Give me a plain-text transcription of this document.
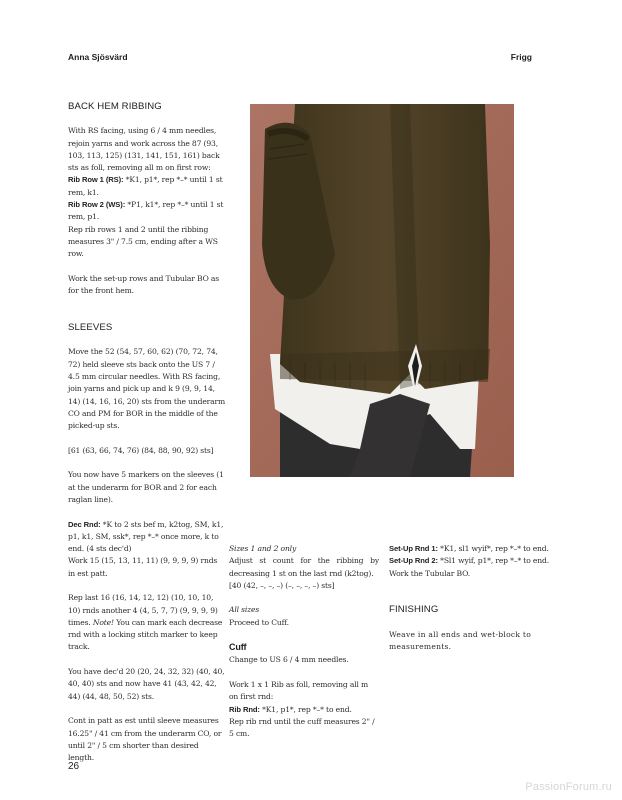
Anna Sjösvärd	Frigg

BACK HEM RIBBING

With RS facing, using 6 / 4 mm needles, rejoin yarns and work across the 87 (93, 103, 113, 125) (131, 141, 151, 161) back sts as foll, removing all m on first row:

Rib Row 1 (RS): *K1, p1*, rep *–* until 1 st rem, k1.

Rib Row 2 (WS): *P1, k1*, rep *–* until 1 st rem, p1.

Rep rib rows 1 and 2 until the ribbing measures 3" / 7.5 cm, ending after a WS row.

Work the set-up rows and Tubular BO as for the front hem.

SLEEVES

Move the 52 (54, 57, 60, 62) (70, 72, 74, 72) held sleeve sts back onto the US 7 / 4.5 mm circular needles. With RS facing, join yarns and pick up and k 9 (9, 9, 14, 14) (14, 16, 16, 20) sts from the underarm CO and PM for BOR in the middle of the picked-up sts.

[61 (63, 66, 74, 76) (84, 88, 90, 92) sts]

You now have 5 markers on the sleeves (1 at the underarm for BOR and 2 for each raglan line).

Dec Rnd: *K to 2 sts bef m, k2tog, SM, k1, p1, k1, SM, ssk*, rep *–* once more, k to end. (4 sts dec'd)

Work 15 (15, 13, 11, 11) (9, 9, 9, 9) rnds in est patt.

Rep last 16 (16, 14, 12, 12) (10, 10, 10, 10) rnds another 4 (4, 5, 7, 7) (9, 9, 9, 9) times. Note! You can mark each decrease rnd with a locking stitch marker to keep track.

You have dec'd 20 (20, 24, 32, 32) (40, 40, 40, 40) sts and now have 41 (43, 42, 42, 44) (44, 48, 50, 52) sts.

Cont in patt as est until sleeve measures 16.25" / 41 cm from the underarm CO, or until 2" / 5 cm shorter than desired length.

Sizes 1 and 2 only

Adjust st count for the ribbing by decreasing 1 st on the last rnd (k2tog).

[40 (42, –, –, –) (–, –, –, –) sts]

All sizes

Proceed to Cuff.

Cuff

Change to US 6 / 4 mm needles.

Work 1 x 1 Rib as foll, removing all m on first rnd:

Rib Rnd: *K1, p1*, rep *–* to end.

Rep rib rnd until the cuff measures 2" / 5 cm.

Set-Up Rnd 1: *K1, sl1 wyif*, rep *–* to end.

Set-Up Rnd 2: *Sl1 wyif, p1*, rep *–* to end.

Work the Tubular BO.

FINISHING

Weave in all ends and wet-block to measurements.

26
PassionForum.ru
